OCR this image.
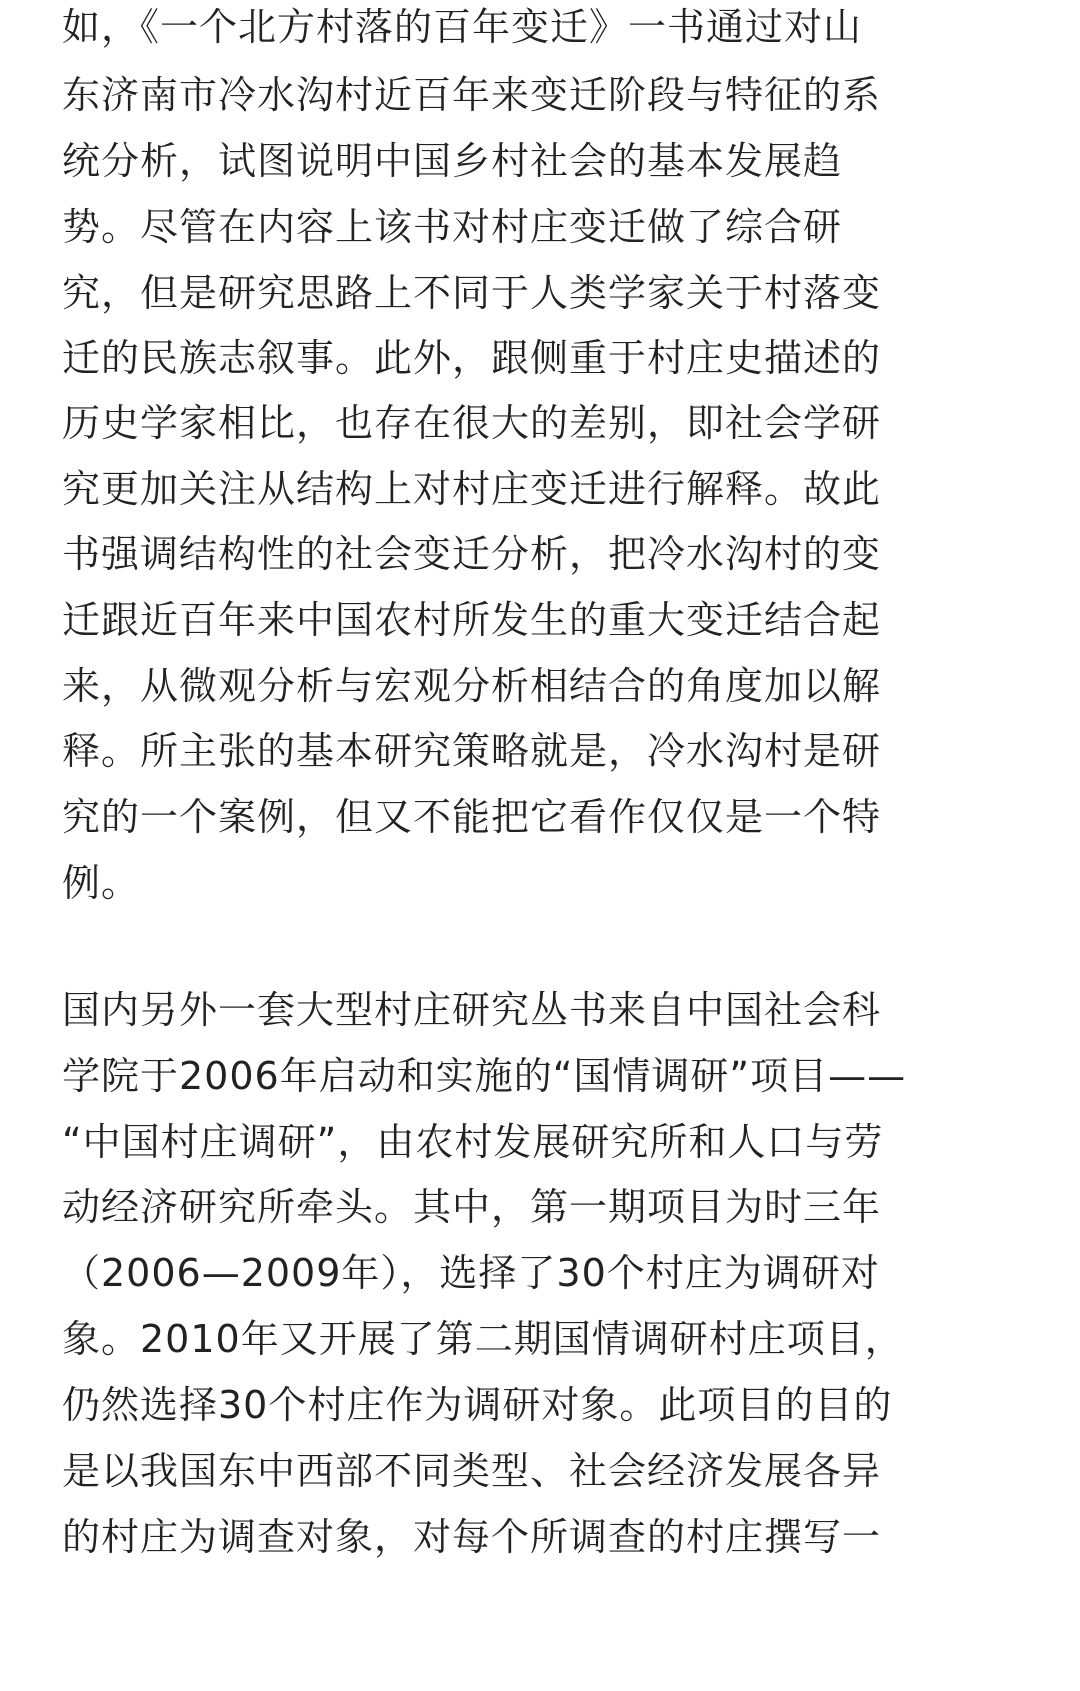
如，《一个北方村落的百年变迁》一书通过对山
东济南市冷水沟村近百年来变迁阶段与特征的系
统分析，试图说明中国乡村社会的基本发展趋
势。尽管在内容上该书对村庄变迁做了综合研
究，但是研究思路上不同于人类学家关于村落变
迁的民族志叙事。此外，跟侧重于村庄史描述的
历史学家相比，也存在很大的差别，即社会学研
究更加关注从结构上对村庄变迁进行解释。故此
书强调结构性的社会变迁分析，把冷水沟村的变
迁跟近百年来中国农村所发生的重大变迁结合起
来，从微观分析与宏观分析相结合的角度加以解
释。所主张的基本研究策略就是，冷水沟村是研
究的一个案例，但又不能把它看作仅仅是一个特
例。
国内另外一套大型村庄研究丛书来自中国社会科
学院于2006年启动和实施的“国情调研”项目——
“中国村庄调研”，由农村发展研究所和人口与劳
动经济研究所牵头。其中，第一期项目为时三年
（2006—2009年），选择了30个村庄为调研对
象。2010年又开展了第二期国情调研村庄项目，
仍然选择30个村庄作为调研对象。此项目的目的
是以我国东中西部不同类型、社会经济发展各异
的村庄为调查对象，对每个所调查的村庄撰写一
